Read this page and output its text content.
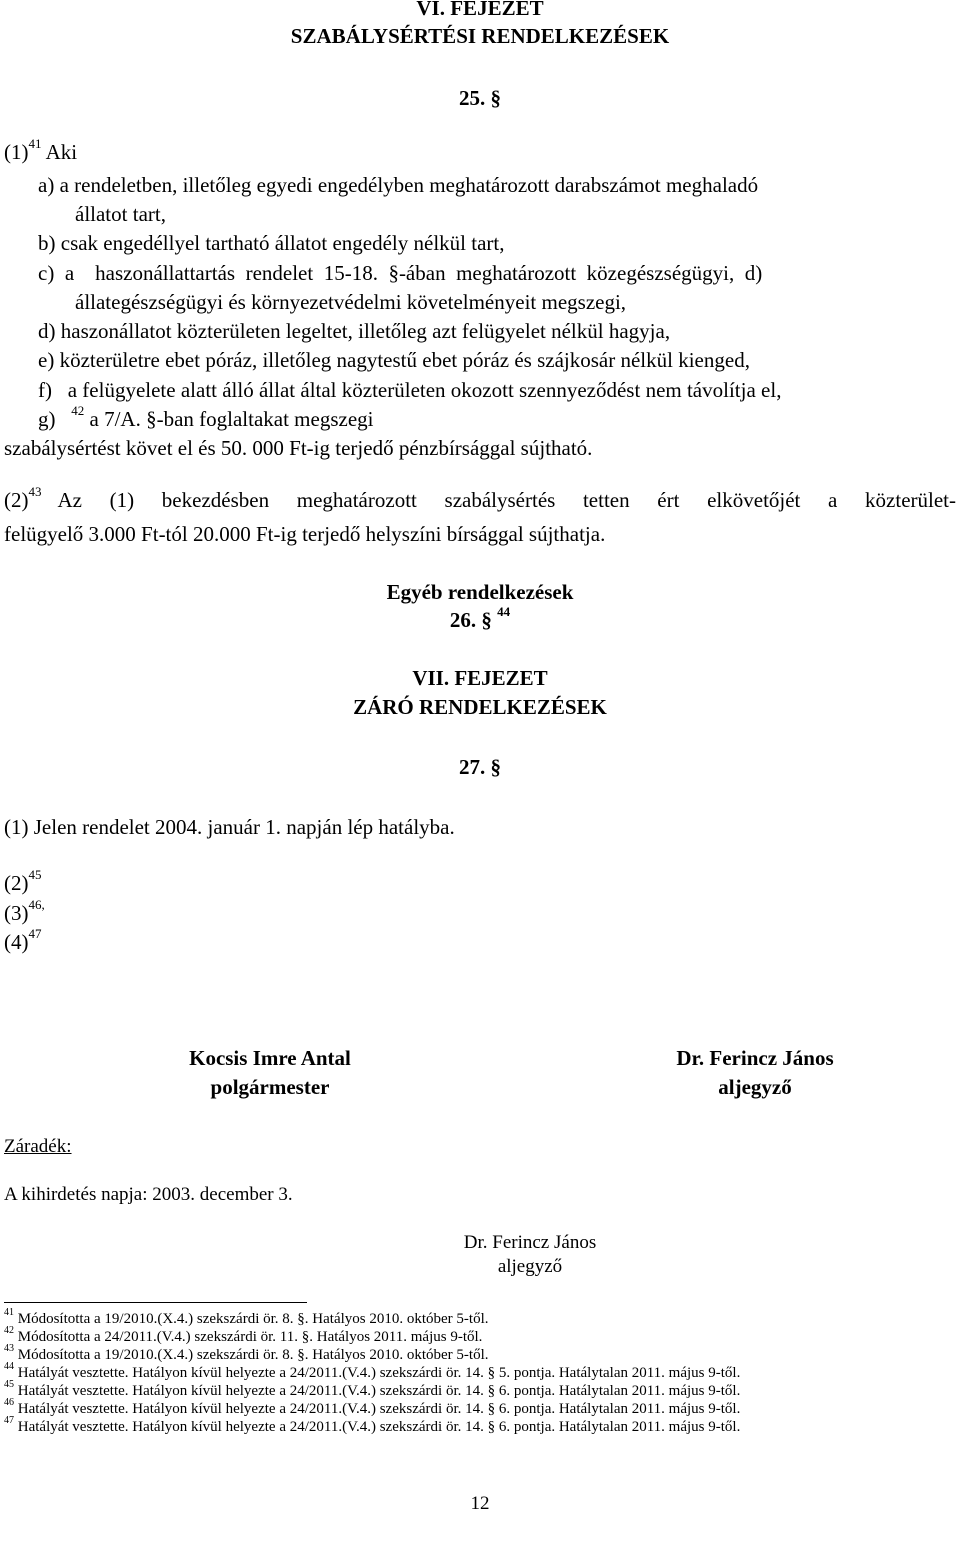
VI. FEJEZET
SZABÁLYSÉRTÉSI RENDELKEZÉSEK
25. §
$(1)^{41}$ Aki
a) a rendeletben, illetőleg egyedi engedélyben meghatározott darabszámot meghaladó
állatot tart,
b) csak engedéllyel tartható állatot engedély nélkül tart,
c)  a    haszonállattartás  rendelet  15-18.  §-ában  meghatározott  közegészségügyi,  d)
állategészségügyi és környezetvédelmi követelményeit megszegi,
d) haszonállatot közterületen legeltet, illetőleg azt felügyelet nélkül hagyja,
e) közterületre ebet póráz, illetőleg nagytestű ebet póráz és szájkosár nélkül kienged,
f)   a felügyelete alatt álló állat által közterületen okozott szennyeződést nem távolítja el,
g) $^{42}$ a 7/A. §-ban foglaltakat megszegi
szabálysértést követ el és 50. 000 Ft-ig terjedő pénzbírsággal sújtható.
$(2)^{43}$ Az (1) bekezdésben meghatározott szabálysértés tetten ért elkövetőjét a közterület-
felügyelő 3.000 Ft-tól 20.000 Ft-ig terjedő helyszíni bírsággal sújthatja.
Egyéb rendelkezések
26. § $^{44}$
VII. FEJEZET
ZÁRÓ RENDELKEZÉSEK
27. §
(1) Jelen rendelet 2004. január 1. napján lép hatályba.
$(2)^{45}$
$(3)^{46,}$
$(4)^{47}$
Kocsis Imre Antal
polgármester
Dr. Ferincz János
aljegyző
Záradék:
A kihirdetés napja: 2003. december 3.
Dr. Ferincz János
aljegyző
$^{41}$ Módosította a 19/2010.(X.4.) szekszárdi ör. 8. §. Hatályos 2010. október 5-től.
$^{42}$ Módosította a 24/2011.(V.4.) szekszárdi ör. 11. §. Hatályos 2011. május 9-től.
$^{43}$ Módosította a 19/2010.(X.4.) szekszárdi ör. 8. §. Hatályos 2010. október 5-től.
$^{44}$ Hatályát vesztette. Hatályon kívül helyezte a 24/2011.(V.4.) szekszárdi ör. 14. § 5. pontja. Hatálytalan 2011. május 9-től.
$^{45}$ Hatályát vesztette. Hatályon kívül helyezte a 24/2011.(V.4.) szekszárdi ör. 14. § 6. pontja. Hatálytalan 2011. május 9-től.
$^{46}$ Hatályát vesztette. Hatályon kívül helyezte a 24/2011.(V.4.) szekszárdi ör. 14. § 6. pontja. Hatálytalan 2011. május 9-től.
$^{47}$ Hatályát vesztette. Hatályon kívül helyezte a 24/2011.(V.4.) szekszárdi ör. 14. § 6. pontja. Hatálytalan 2011. május 9-től.
12
